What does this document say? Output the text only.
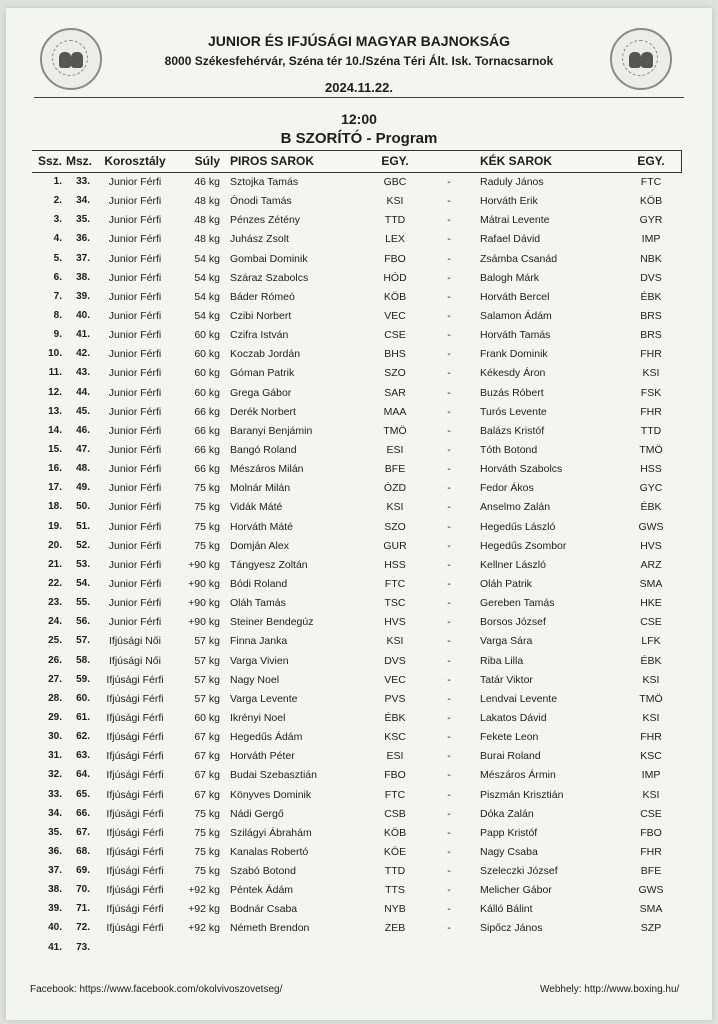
JUNIOR ÉS IFJÚSÁGI MAGYAR BAJNOKSÁG
8000 Székesfehérvár, Széna tér 10./Széna Téri Ált. Isk. Tornacsarnok
2024.11.22.
12:00
B SZORÍTÓ - Program
Ssz. Msz.	Korosztály	Súly PIROS SAROK	EGY.	KÉK SAROK	EGY.
1.	33.	Junior Férfi	46 kg Sztojka Tamás	GBC	-	Raduly János	FTC
2.	34.	Junior Férfi	48 kg Ónodi Tamás	KSI	-	Horváth Erik	KÖB
3.	35.	Junior Férfi	48 kg Pénzes Zétény	TTD	-	Mátrai Levente	GYR
4.	36.	Junior Férfi	48 kg Juhász Zsolt	LEX	-	Rafael Dávid	IMP
5.	37.	Junior Férfi	54 kg Gombai Dominik	FBO	-	Zsámba Csanád	NBK
6.	38.	Junior Férfi	54 kg Száraz Szabolcs	HÓD	-	Balogh Márk	DVS
7.	39.	Junior Férfi	54 kg Báder Rómeó	KÖB	-	Horváth Bercel	ÉBK
8.	40.	Junior Férfi	54 kg Czibi Norbert	VEC	-	Salamon Ádám	BRS
9.	41.	Junior Férfi	60 kg Czifra István	CSE	-	Horváth Tamás	BRS
10.	42.	Junior Férfi	60 kg Koczab Jordán	BHS	-	Frank Dominik	FHR
11.	43.	Junior Férfi	60 kg Góman Patrik	SZO	-	Kékesdy Áron	KSI
12.	44.	Junior Férfi	60 kg Grega Gábor	SAR	-	Buzás Róbert	FSK
13.	45.	Junior Férfi	66 kg Derék Norbert	MAA	-	Turós Levente	FHR
14.	46.	Junior Férfi	66 kg Baranyi Benjámin	TMÖ	-	Balázs Kristóf	TTD
15.	47.	Junior Férfi	66 kg Bangó Roland	ESI	-	Tóth Botond	TMÖ
16.	48.	Junior Férfi	66 kg Mészáros Milán	BFE	-	Horváth Szabolcs	HSS
17.	49.	Junior Férfi	75 kg Molnár Milán	ÓZD	-	Fedor Ákos	GYC
18.	50.	Junior Férfi	75 kg Vidák Máté	KSI	-	Anselmo Zalán	ÉBK
19.	51.	Junior Férfi	75 kg Horváth Máté	SZO	-	Hegedűs László	GWS
20.	52.	Junior Férfi	75 kg Domján Alex	GUR	-	Hegedűs Zsombor	HVS
21.	53.	Junior Férfi	+90 kg Tángyesz Zoltán	HSS	-	Kellner László	ARZ
22.	54.	Junior Férfi	+90 kg Bódi Roland	FTC	-	Oláh Patrik	SMA
23.	55.	Junior Férfi	+90 kg Oláh Tamás	TSC	-	Gereben Tamás	HKE
24.	56.	Junior Férfi	+90 kg Steiner Bendegúz	HVS	-	Borsos József	CSE
25.	57.	Ifjúsági Női	57 kg Finna Janka	KSI	-	Varga Sára	LFK
26.	58.	Ifjúsági Női	57 kg Varga Vivien	DVS	-	Riba Lilla	ÉBK
27.	59.	Ifjúsági Férfi	57 kg Nagy Noel	VEC	-	Tatár Viktor	KSI
28.	60.	Ifjúsági Férfi	57 kg Varga Levente	PVS	-	Lendvai Levente	TMÖ
29.	61.	Ifjúsági Férfi	60 kg Ikrényi Noel	ÉBK	-	Lakatos Dávid	KSI
30.	62.	Ifjúsági Férfi	67 kg Hegedűs Ádám	KSC	-	Fekete Leon	FHR
31.	63.	Ifjúsági Férfi	67 kg Horváth Péter	ESI	-	Burai Roland	KSC
32.	64.	Ifjúsági Férfi	67 kg Budai Szebasztián	FBO	-	Mészáros Ármin	IMP
33.	65.	Ifjúsági Férfi	67 kg Könyves Dominik	FTC	-	Piszmán Krisztián	KSI
34.	66.	Ifjúsági Férfi	75 kg Nádi Gergő	CSB	-	Dóka Zalán	CSE
35.	67.	Ifjúsági Férfi	75 kg Szilágyi Ábrahám	KÖB	-	Papp Kristóf	FBO
36.	68.	Ifjúsági Férfi	75 kg Kanalas Robertó	KÖE	-	Nagy Csaba	FHR
37.	69.	Ifjúsági Férfi	75 kg Szabó Botond	TTD	-	Szeleczki József	BFE
38.	70.	Ifjúsági Férfi	+92 kg Péntek Ádám	TTS	-	Melicher Gábor	GWS
39.	71.	Ifjúsági Férfi	+92 kg Bodnár Csaba	NYB	-	Kálló Bálint	SMA
40.	72.	Ifjúsági Férfi	+92 kg Németh Brendon	ZEB	-	Sipőcz János	SZP
41.	73.
Facebook: https://www.facebook.com/okolvivoszovetseg/	Webhely: http://www.boxing.hu/
